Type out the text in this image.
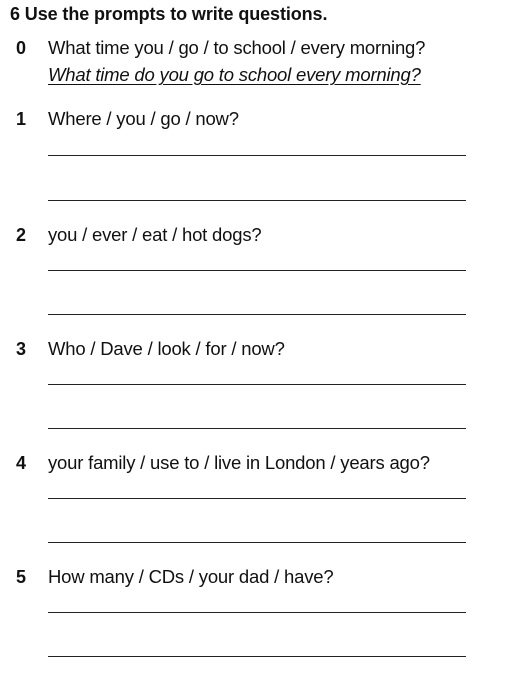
6 Use the prompts to write questions.
0 What time you / go / to school / every morning?
What time do you go to school every morning?
1 Where / you / go / now?
2 you / ever / eat / hot dogs?
3 Who / Dave / look / for / now?
4 your family / use to / live in London / years ago?
5 How many / CDs / your dad / have?
